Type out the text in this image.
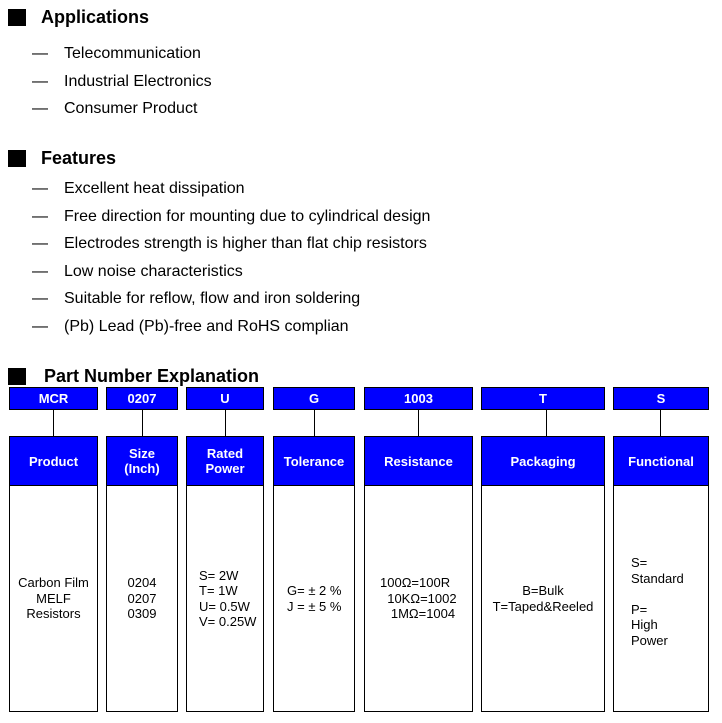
Applications
— Telecommunication
— Industrial Electronics
— Consumer Product
Features
— Excellent heat dissipation
— Free direction for mounting due to cylindrical design
— Electrodes strength is higher than flat chip resistors
— Low noise characteristics
— Suitable for reflow, flow and iron soldering
— (Pb) Lead (Pb)-free and RoHS complian
Part Number Explanation
MCR
Product
Carbon Film
MELF
Resistors
0207
Size
(Inch)
0204
0207
0309
U
Rated
Power
S= 2W
T= 1W
U= 0.5W
V= 0.25W
G
Tolerance
G= ± 2 %
J = ± 5 %
1003
Resistance
100Ω=100R
10KΩ=1002
1MΩ=1004
T
Packaging
B=Bulk
T=Taped&Reeled
S
Functional
S=
Standard

P=
High
Power
